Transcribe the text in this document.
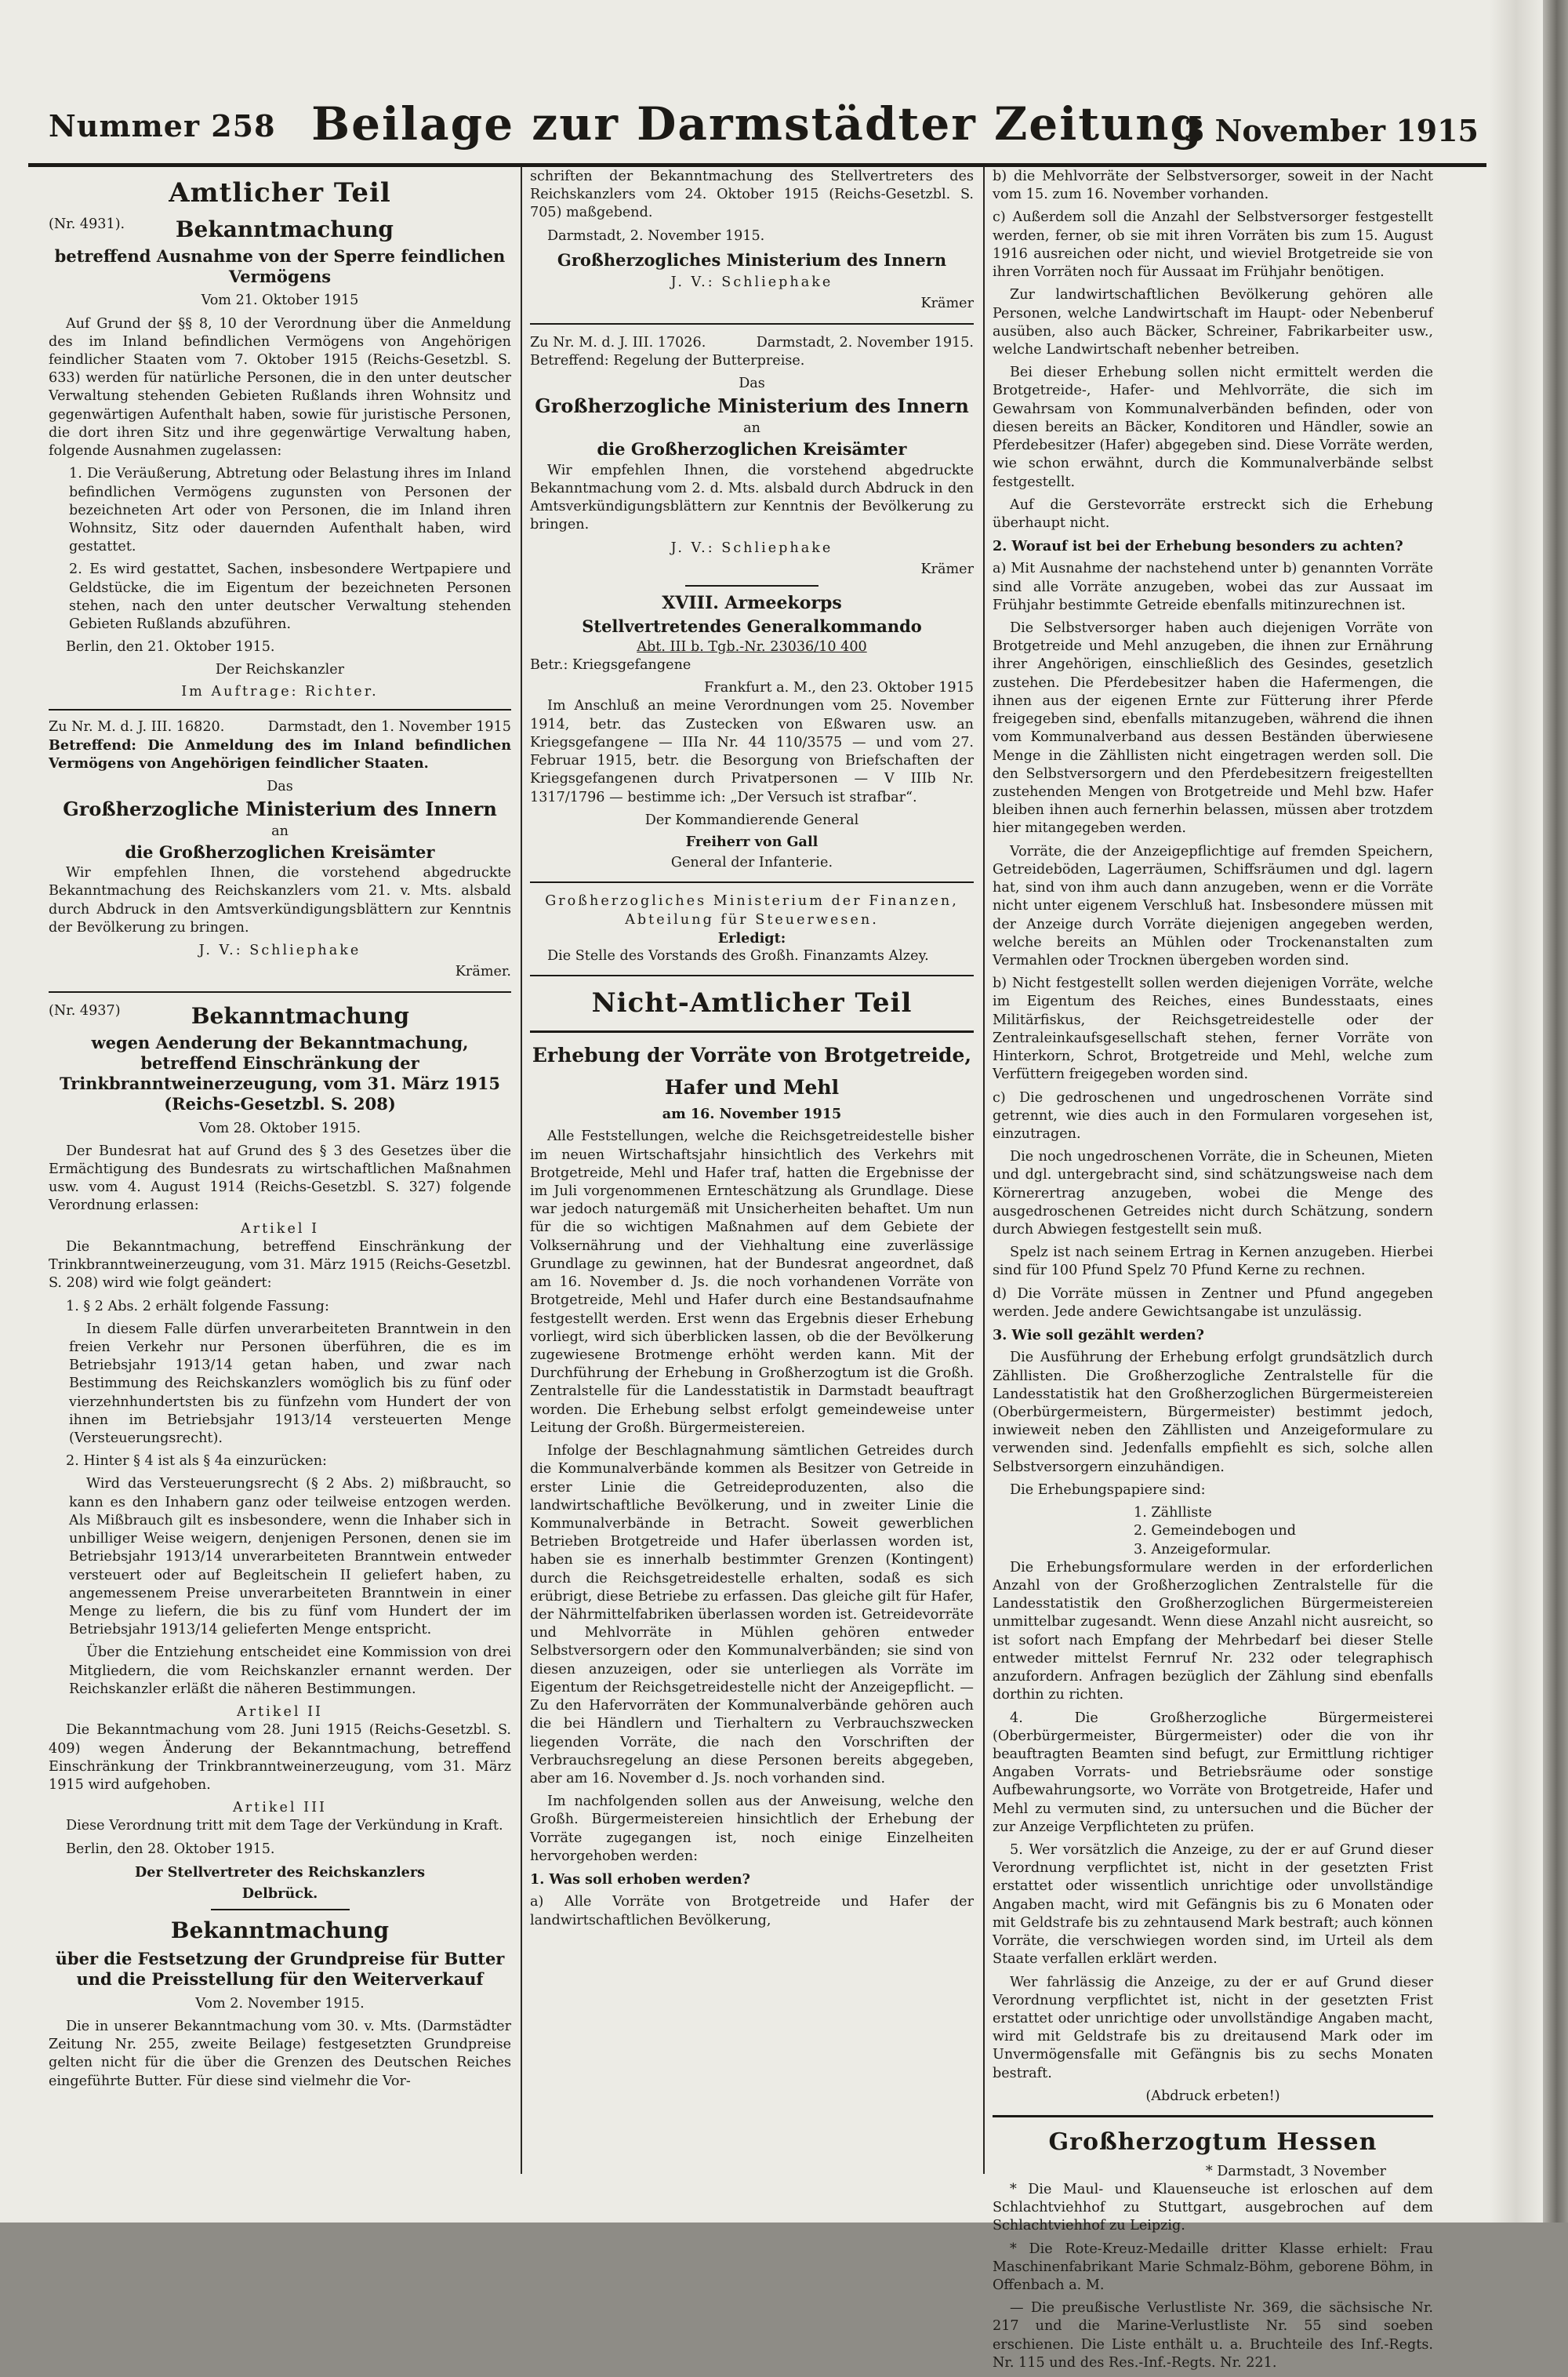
Nummer 258 Beilage zur Darmstädter Zeitung
3 November 1915
Amtlicher Teil
(Nr. 4931). Bekanntmachung
betreffend Ausnahme von der Sperre feindlichen Vermögens
Vom 21. Oktober 1915

Auf Grund der §§ 8, 10 der Verordnung über die Anmeldung des im Inland befindlichen Vermögens von Angehörigen feindlicher Staaten vom 7. Oktober 1915 (Reichs-Gesetzbl. S. 633) werden für natürliche Personen, die in den unter deutscher Verwaltung stehenden Gebieten Rußlands ihren Wohnsitz und gegenwärtigen Aufenthalt haben, sowie für juristische Personen, die dort ihren Sitz und ihre gegenwärtige Verwaltung haben, folgende Ausnahmen zugelassen:

1. Die Veräußerung, Abtretung oder Belastung ihres im Inland befindlichen Vermögens zugunsten von Personen der bezeichneten Art oder von Personen, die im Inland ihren Wohnsitz, Sitz oder dauernden Aufenthalt haben, wird gestattet.

2. Es wird gestattet, Sachen, insbesondere Wertpapiere und Geldstücke, die im Eigentum der bezeichneten Personen stehen, nach den unter deutscher Verwaltung stehenden Gebieten Rußlands abzuführen.

Berlin, den 21. Oktober 1915.

Der Reichskanzler
Im Auftrage: Richter.
Zu Nr. M. d. J. III. 16820.	Darmstadt, den 1. November 1915

Betreffend: Die Anmeldung des im Inland befindlichen Vermögens von Angehörigen feindlicher Staaten.

Das
Großherzogliche Ministerium des Innern
an
die Großherzoglichen Kreisämter

Wir empfehlen Ihnen, die vorstehend abgedruckte Bekanntmachung des Reichskanzlers vom 21. v. Mts. alsbald durch Abdruck in den Amtsverkündigungsblättern zur Kenntnis der Bevölkerung zu bringen.

J. V.: Schliephake
Krämer.
(Nr. 4937)	Bekanntmachung
wegen Aenderung der Bekanntmachung, betreffend Einschränkung der Trinkbranntweinerzeugung, vom 31. März 1915 (Reichs-Gesetzbl. S. 208)
Vom 28. Oktober 1915.

Der Bundesrat hat auf Grund des § 3 des Gesetzes über die Ermächtigung des Bundesrats zu wirtschaftlichen Maßnahmen usw. vom 4. August 1914 (Reichs-Gesetzbl. S. 327) folgende Verordnung erlassen:

Artikel I

Die Bekanntmachung, betreffend Einschränkung der Trinkbranntweinerzeugung, vom 31. März 1915 (Reichs-Gesetzbl. S. 208) wird wie folgt geändert:

1. § 2 Abs. 2 erhält folgende Fassung:

In diesem Falle dürfen unverarbeiteten Branntwein in den freien Verkehr nur Personen überführen, die es im Betriebsjahr 1913/14 getan haben, und zwar nach Bestimmung des Reichskanzlers womöglich bis zu fünf oder vierzehnhundertsten bis zu fünfzehn vom Hundert der von ihnen im Betriebsjahr 1913/14 versteuerten Menge (Versteuerungsrecht).

2. Hinter § 4 ist als § 4a einzurücken:

Wird das Versteuerungsrecht (§ 2 Abs. 2) mißbraucht, so kann es den Inhabern ganz oder teilweise entzogen werden. Als Mißbrauch gilt es insbesondere, wenn die Inhaber sich in unbilliger Weise weigern, denjenigen Personen, denen sie im Betriebsjahr 1913/14 unverarbeiteten Branntwein entweder versteuert oder auf Begleitschein II geliefert haben, zu angemessenem Preise unverarbeiteten Branntwein in einer Menge zu liefern, die bis zu fünf vom Hundert der im Betriebsjahr 1913/14 gelieferten Menge entspricht.

Über die Entziehung entscheidet eine Kommission von drei Mitgliedern, die vom Reichskanzler ernannt werden. Der Reichskanzler erläßt die näheren Bestimmungen.

Artikel II

Die Bekanntmachung vom 28. Juni 1915 (Reichs-Gesetzbl. S. 409) wegen Änderung der Bekanntmachung, betreffend Einschränkung der Trinkbranntweinerzeugung, vom 31. März 1915 wird aufgehoben.

Artikel III

Diese Verordnung tritt mit dem Tage der Verkündung in Kraft.

Berlin, den 28. Oktober 1915.

Der Stellvertreter des Reichskanzlers
Delbrück.
Bekanntmachung
über die Festsetzung der Grundpreise für Butter und die Preisstellung für den Weiterverkauf
Vom 2. November 1915.

Die in unserer Bekanntmachung vom 30. v. Mts. (Darmstädter Zeitung Nr. 255, zweite Beilage) festgesetzten Grundpreise gelten nicht für die über die Grenzen des Deutschen Reiches eingeführte Butter. Für diese sind vielmehr die Vor-

schriften der Bekanntmachung des Stellvertreters des Reichskanzlers vom 24. Oktober 1915 (Reichs-Gesetzbl. S. 705) maßgebend.

Darmstadt, 2. November 1915.

Großherzogliches Ministerium des Innern
J. V.: Schliephake
Krämer
Zu Nr. M. d. J. III. 17026.	Darmstadt, 2. November 1915.

Betreffend: Regelung der Butterpreise.

Das
Großherzogliche Ministerium des Innern
an
die Großherzoglichen Kreisämter

Wir empfehlen Ihnen, die vorstehend abgedruckte Bekanntmachung vom 2. d. Mts. alsbald durch Abdruck in den Amtsverkündigungsblättern zur Kenntnis der Bevölkerung zu bringen.

J. V.: Schliephake
Krämer
XVIII. Armeekorps
Stellvertretendes Generalkommando
Abt. III b. Tgb.-Nr. 23036/10 400

Betr.: Kriegsgefangene

Frankfurt a. M., den 23. Oktober 1915

Im Anschluß an meine Verordnungen vom 25. November 1914, betr. das Zustecken von Eßwaren usw. an Kriegsgefangene — IIIa Nr. 44 110/3575 — und vom 27. Februar 1915, betr. die Besorgung von Briefschaften der Kriegsgefangenen durch Privatpersonen — V IIIb Nr. 1317/1796 — bestimme ich: „Der Versuch ist strafbar“.

Der Kommandierende General
Freiherr von Gall
General der Infanterie.
Großherzogliches Ministerium der Finanzen, Abteilung für Steuerwesen.
Erledigt:

Die Stelle des Vorstands des Großh. Finanzamts Alzey.

Nicht-Amtlicher Teil
Erhebung der Vorräte von Brotgetreide,
Hafer und Mehl
am 16. November 1915

Alle Feststellungen, welche die Reichsgetreidestelle bisher im neuen Wirtschaftsjahr hinsichtlich des Verkehrs mit Brotgetreide, Mehl und Hafer traf, hatten die Ergebnisse der im Juli vorgenommenen Ernteschätzung als Grundlage. Diese war jedoch naturgemäß mit Unsicherheiten behaftet. Um nun für die so wichtigen Maßnahmen auf dem Gebiete der Volksernährung und der Viehhaltung eine zuverlässige Grundlage zu gewinnen, hat der Bundesrat angeordnet, daß am 16. November d. Js. die noch vorhandenen Vorräte von Brotgetreide, Mehl und Hafer durch eine Bestandsaufnahme festgestellt werden. Erst wenn das Ergebnis dieser Erhebung vorliegt, wird sich überblicken lassen, ob die der Bevölkerung zugewiesene Brotmenge erhöht werden kann. Mit der Durchführung der Erhebung in Großherzogtum ist die Großh. Zentralstelle für die Landesstatistik in Darmstadt beauftragt worden. Die Erhebung selbst erfolgt gemeindeweise unter Leitung der Großh. Bürgermeistereien.

Infolge der Beschlagnahmung sämtlichen Getreides durch die Kommunalverbände kommen als Besitzer von Getreide in erster Linie die Getreideproduzenten, also die landwirtschaftliche Bevölkerung, und in zweiter Linie die Kommunalverbände in Betracht. Soweit gewerblichen Betrieben Brotgetreide und Hafer überlassen worden ist, haben sie es innerhalb bestimmter Grenzen (Kontingent) durch die Reichsgetreidestelle erhalten, sodaß es sich erübrigt, diese Betriebe zu erfassen. Das gleiche gilt für Hafer, der Nährmittelfabriken überlassen worden ist. Getreidevorräte und Mehlvorräte in Mühlen gehören entweder Selbstversorgern oder den Kommunalverbänden; sie sind von diesen anzuzeigen, oder sie unterliegen als Vorräte im Eigentum der Reichsgetreidestelle nicht der Anzeigepflicht. — Zu den Hafervorräten der Kommunalverbände gehören auch die bei Händlern und Tierhaltern zu Verbrauchszwecken liegenden Vorräte, die nach den Vorschriften der Verbrauchsregelung an diese Personen bereits abgegeben, aber am 16. November d. Js. noch vorhanden sind.

Im nachfolgenden sollen aus der Anweisung, welche den Großh. Bürgermeistereien hinsichtlich der Erhebung der Vorräte zugegangen ist, noch einige Einzelheiten hervorgehoben werden:

1. Was soll erhoben werden?

a) Alle Vorräte von Brotgetreide und Hafer der landwirtschaftlichen Bevölkerung,

b) die Mehlvorräte der Selbstversorger, soweit in der Nacht vom 15. zum 16. November vorhanden.

c) Außerdem soll die Anzahl der Selbstversorger festgestellt werden, ferner, ob sie mit ihren Vorräten bis zum 15. August 1916 ausreichen oder nicht, und wieviel Brotgetreide sie von ihren Vorräten noch für Aussaat im Frühjahr benötigen.

Zur landwirtschaftlichen Bevölkerung gehören alle Personen, welche Landwirtschaft im Haupt- oder Nebenberuf ausüben, also auch Bäcker, Schreiner, Fabrikarbeiter usw., welche Landwirtschaft nebenher betreiben.

Bei dieser Erhebung sollen nicht ermittelt werden die Brotgetreide-, Hafer- und Mehlvorräte, die sich im Gewahrsam von Kommunalverbänden befinden, oder von diesen bereits an Bäcker, Konditoren und Händler, sowie an Pferdebesitzer (Hafer) abgegeben sind. Diese Vorräte werden, wie schon erwähnt, durch die Kommunalverbände selbst festgestellt.

Auf die Gerstevorräte erstreckt sich die Erhebung überhaupt nicht.

2. Worauf ist bei der Erhebung besonders zu achten?

a) Mit Ausnahme der nachstehend unter b) genannten Vorräte sind alle Vorräte anzugeben, wobei das zur Aussaat im Frühjahr bestimmte Getreide ebenfalls mitinzurechnen ist.

Die Selbstversorger haben auch diejenigen Vorräte von Brotgetreide und Mehl anzugeben, die ihnen zur Ernährung ihrer Angehörigen, einschließlich des Gesindes, gesetzlich zustehen. Die Pferdebesitzer haben die Hafermengen, die ihnen aus der eigenen Ernte zur Fütterung ihrer Pferde freigegeben sind, ebenfalls mitanzugeben, während die ihnen vom Kommunalverband aus dessen Beständen überwiesene Menge in die Zähllisten nicht eingetragen werden soll. Die den Selbstversorgern und den Pferdebesitzern freigestellten zustehenden Mengen von Brotgetreide und Mehl bzw. Hafer bleiben ihnen auch fernerhin belassen, müssen aber trotzdem hier mitangegeben werden.

Vorräte, die der Anzeigepflichtige auf fremden Speichern, Getreideböden, Lagerräumen, Schiffsräumen und dgl. lagern hat, sind von ihm auch dann anzugeben, wenn er die Vorräte nicht unter eigenem Verschluß hat. Insbesondere müssen mit der Anzeige durch Vorräte diejenigen angegeben werden, welche bereits an Mühlen oder Trockenanstalten zum Vermahlen oder Trocknen übergeben worden sind.

b) Nicht festgestellt sollen werden diejenigen Vorräte, welche im Eigentum des Reiches, eines Bundesstaats, eines Militärfiskus, der Reichsgetreidestelle oder der Zentraleinkaufsgesellschaft stehen, ferner Vorräte von Hinterkorn, Schrot, Brotgetreide und Mehl, welche zum Verfüttern freigegeben worden sind.

c) Die gedroschenen und ungedroschenen Vorräte sind getrennt, wie dies auch in den Formularen vorgesehen ist, einzutragen.

Die noch ungedroschenen Vorräte, die in Scheunen, Mieten und dgl. untergebracht sind, sind schätzungsweise nach dem Körnerertrag anzugeben, wobei die Menge des ausgedroschenen Getreides nicht durch Schätzung, sondern durch Abwiegen festgestellt sein muß.

Spelz ist nach seinem Ertrag in Kernen anzugeben. Hierbei sind für 100 Pfund Spelz 70 Pfund Kerne zu rechnen.

d) Die Vorräte müssen in Zentner und Pfund angegeben werden. Jede andere Gewichtsangabe ist unzulässig.

3. Wie soll gezählt werden?

Die Ausführung der Erhebung erfolgt grundsätzlich durch Zähllisten. Die Großherzogliche Zentralstelle für die Landesstatistik hat den Großherzoglichen Bürgermeistereien (Oberbürgermeistern, Bürgermeister) bestimmt jedoch, inwieweit neben den Zähllisten und Anzeigeformulare zu verwenden sind. Jedenfalls empfiehlt es sich, solche allen Selbstversorgern einzuhändigen.

Die Erhebungspapiere sind:

1. Zählliste
2. Gemeindebogen und
3. Anzeigeformular.

Die Erhebungsformulare werden in der erforderlichen Anzahl von der Großherzoglichen Zentralstelle für die Landesstatistik den Großherzoglichen Bürgermeistereien unmittelbar zugesandt. Wenn diese Anzahl nicht ausreicht, so ist sofort nach Empfang der Mehrbedarf bei dieser Stelle entweder mittelst Fernruf Nr. 232 oder telegraphisch anzufordern. Anfragen bezüglich der Zählung sind ebenfalls dorthin zu richten.

4. Die Großherzogliche Bürgermeisterei (Oberbürgermeister, Bürgermeister) oder die von ihr beauftragten Beamten sind befugt, zur Ermittlung richtiger Angaben Vorrats- und Betriebsräume oder sonstige Aufbewahrungsorte, wo Vorräte von Brotgetreide, Hafer und Mehl zu vermuten sind, zu untersuchen und die Bücher der zur Anzeige Verpflichteten zu prüfen.

5. Wer vorsätzlich die Anzeige, zu der er auf Grund dieser Verordnung verpflichtet ist, nicht in der gesetzten Frist erstattet oder wissentlich unrichtige oder unvollständige Angaben macht, wird mit Gefängnis bis zu 6 Monaten oder mit Geldstrafe bis zu zehntausend Mark bestraft; auch können Vorräte, die verschwiegen worden sind, im Urteil als dem Staate verfallen erklärt werden.

Wer fahrlässig die Anzeige, zu der er auf Grund dieser Verordnung verpflichtet ist, nicht in der gesetzten Frist erstattet oder unrichtige oder unvollständige Angaben macht, wird mit Geldstrafe bis zu dreitausend Mark oder im Unvermögensfalle mit Gefängnis bis zu sechs Monaten bestraft.

(Abdruck erbeten!)
Großherzogtum Hessen
* Darmstadt, 3 November

* Die Maul- und Klauenseuche ist erloschen auf dem Schlachtviehhof zu Stuttgart, ausgebrochen auf dem Schlachtviehhof zu Leipzig.

* Die Rote-Kreuz-Medaille dritter Klasse erhielt: Frau Maschinenfabrikant Marie Schmalz-Böhm, geborene Böhm, in Offenbach a. M.

— Die preußische Verlustliste Nr. 369, die sächsische Nr. 217 und die Marine-Verlustliste Nr. 55 sind soeben erschienen. Die Liste enthält u. a. Bruchteile des Inf.-Regts. Nr. 115 und des Res.-Inf.-Regts. Nr. 221.
